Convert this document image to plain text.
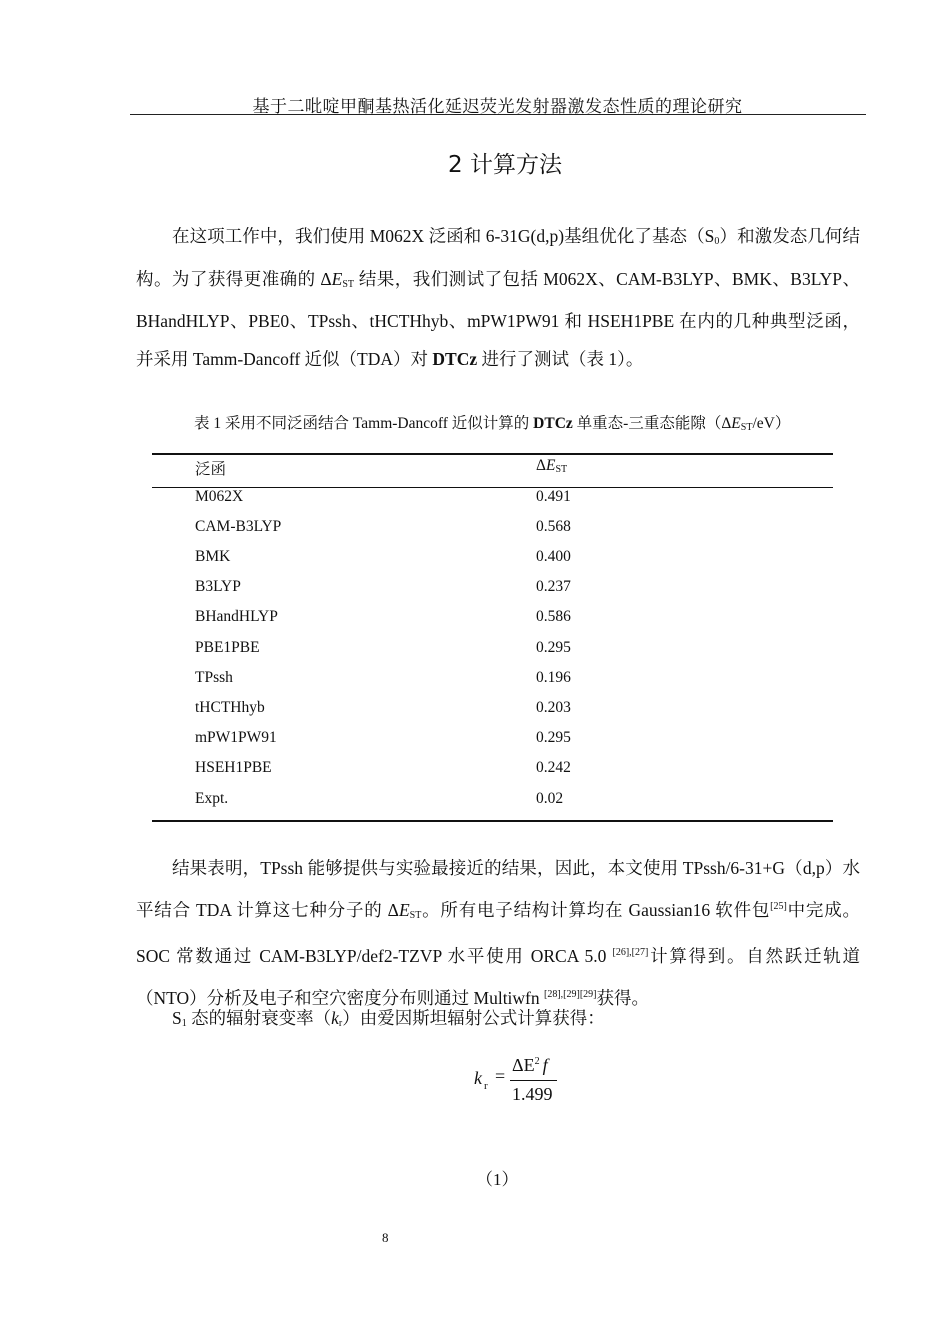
基于二吡啶甲酮基热活化延迟荧光发射器激发态性质的理论研究
2 计算方法

在这项工作中，我们使用 M062X 泛函和 6-31G(d,p)基组优化了基态$(S_0)$和激发态几何结构。为了获得更准确的 $\Delta E_{ST}$ 结果，我们测试了包括 M062X、CAM-B3LYP、BMK、B3LYP、BHandHLYP、PBE0、TPssh、tHCTHhyb、mPW1PW91 和 HSEH1PBE 在内的几种典型泛函，并采用 Tamm-Dancoff 近似（TDA）对 DTCz 进行了测试（表 1）。

表 1 采用不同泛函结合 Tamm-Dancoff 近似计算的 DTCz 单重态-三重态能隙$(\Delta E_{ST}/eV)$
泛函	$\Delta E_{ST}$
M062X	0.491
CAM-B3LYP	0.568
BMK	0.400
B3LYP	0.237
BHandHLYP	0.586
PBE1PBE	0.295
TPssh	0.196
tHCTHhyb	0.203
mPW1PW91	0.295
HSEH1PBE	0.242
Expt.	0.02

结果表明，TPssh 能够提供与实验最接近的结果，因此，本文使用 TPssh/6-31+G（d,p）水平结合 TDA 计算这七种分子的 $\Delta E_{ST}$。所有电子结构计算均在 Gaussian16 软件包[25]中完成。SOC 常数通过 CAM-B3LYP/def2-TZVP 水平使用 ORCA 5.0 [26],[27]计算得到。自然跃迁轨道（NTO）分析及电子和空穴密度分布则通过 Multiwfn [28],[29][29]获得。

$S_1$ 态的辐射衰变率$(k_r)$由爱因斯坦辐射公式计算获得：

k r =
$\Delta E^2$ f
1.499
（1）
8
